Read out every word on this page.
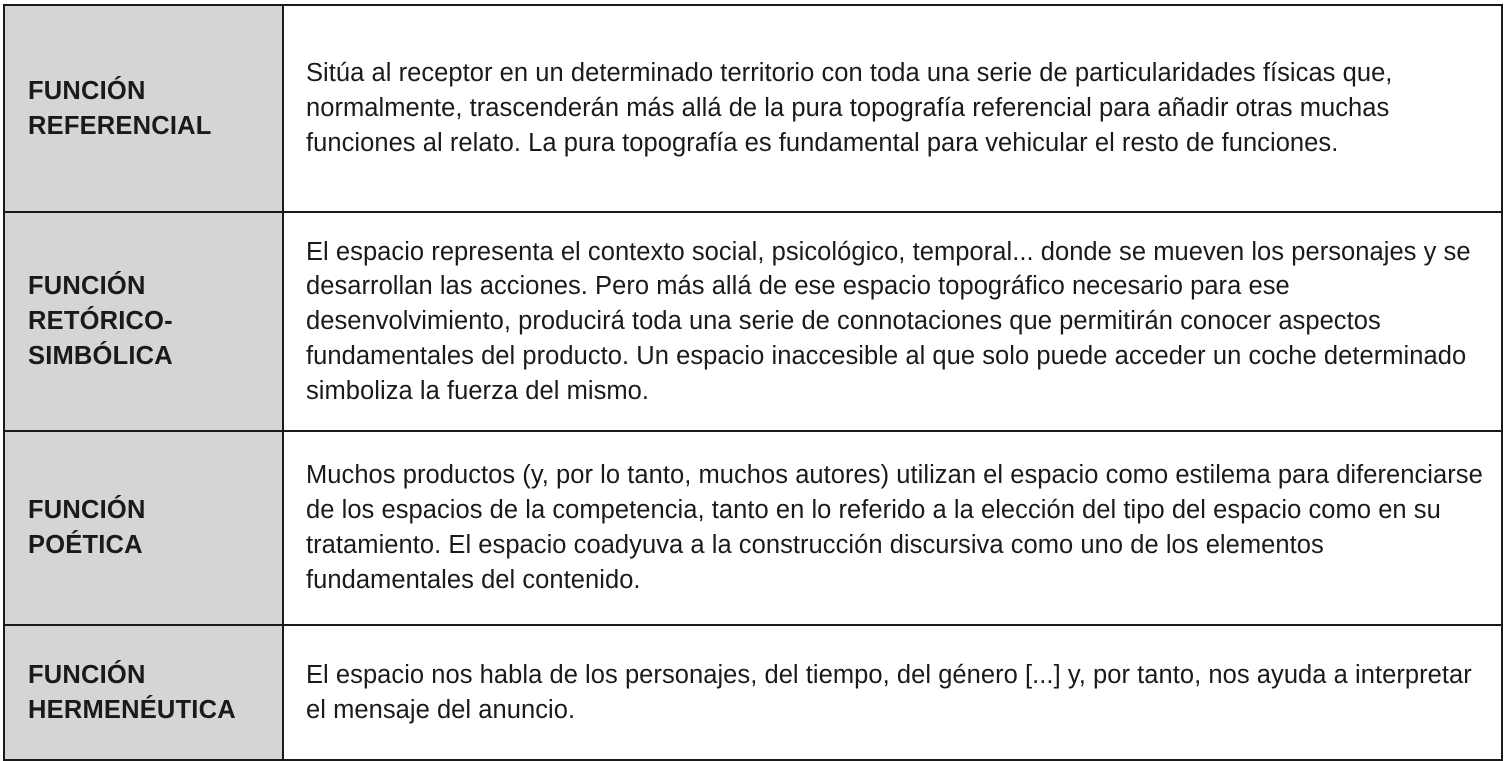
FUNCIÓN REFERENCIAL	Sitúa al receptor en un determinado territorio con toda una serie de particularidades físicas que, normalmente, trascenderán más allá de la pura topografía referencial para añadir otras muchas funciones al relato. La pura topografía es fundamental para vehicular el resto de funciones.

FUNCIÓN RETÓRICO-SIMBÓLICA	El espacio representa el contexto social, psicológico, temporal... donde se mueven los personajes y se desarrollan las acciones. Pero más allá de ese espacio topográfico necesario para ese desenvolvimiento, producirá toda una serie de connotaciones que permitirán conocer aspectos fundamentales del producto. Un espacio inaccesible al que solo puede acceder un coche determinado simboliza la fuerza del mismo.

FUNCIÓN POÉTICA	Muchos productos (y, por lo tanto, muchos autores) utilizan el espacio como estilema para diferenciarse de los espacios de la competencia, tanto en lo referido a la elección del tipo del espacio como en su tratamiento. El espacio coadyuva a la construcción discursiva como uno de los elementos fundamentales del contenido.

FUNCIÓN HERMENÉUTICA	El espacio nos habla de los personajes, del tiempo, del género [...] y, por tanto, nos ayuda a interpretar el mensaje del anuncio.
